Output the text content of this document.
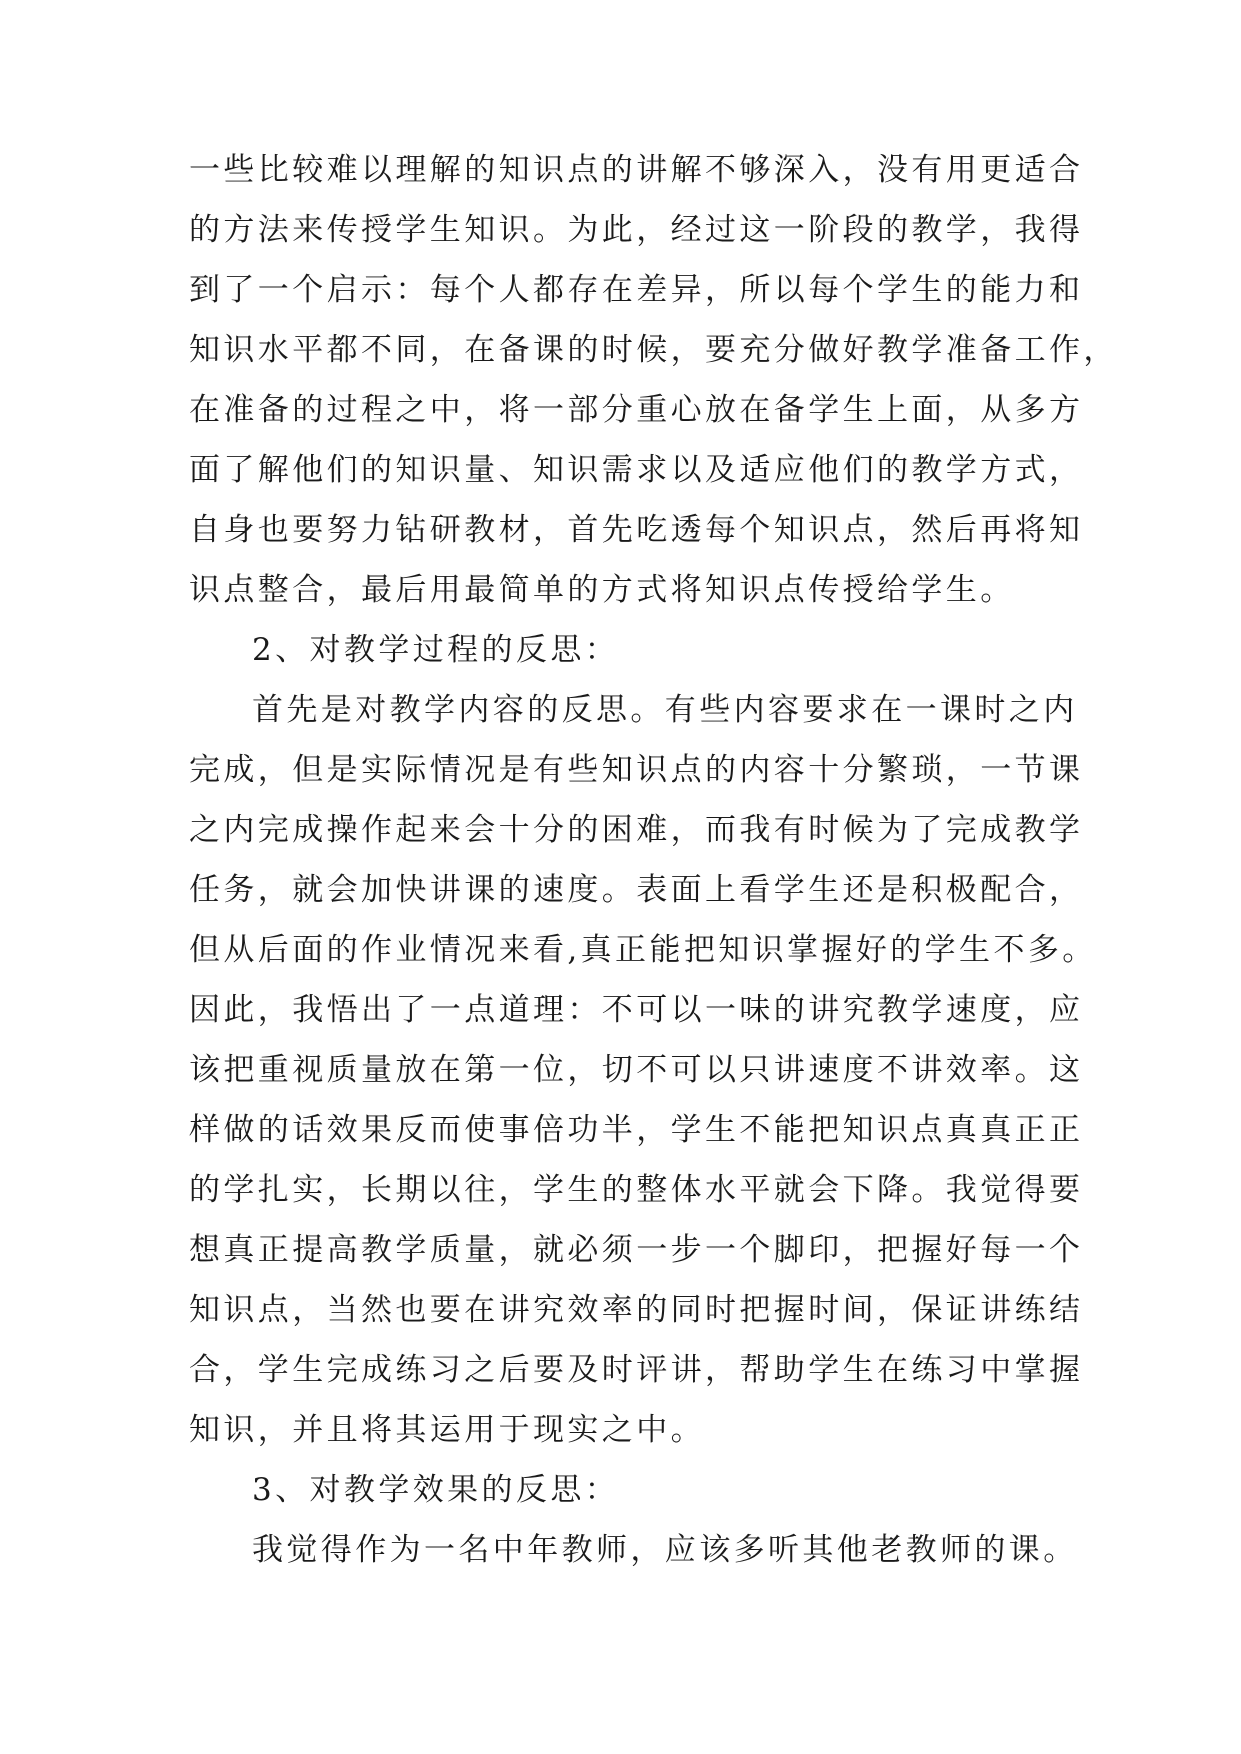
一些比较难以理解的知识点的讲解不够深入，没有用更适合
的方法来传授学生知识。为此，经过这一阶段的教学，我得
到了一个启示：每个人都存在差异，所以每个学生的能力和
知识水平都不同，在备课的时候，要充分做好教学准备工作，
在准备的过程之中，将一部分重心放在备学生上面，从多方
面了解他们的知识量、知识需求以及适应他们的教学方式，
自身也要努力钻研教材，首先吃透每个知识点，然后再将知
识点整合，最后用最简单的方式将知识点传授给学生。
2、对教学过程的反思：
首先是对教学内容的反思。有些内容要求在一课时之内
完成，但是实际情况是有些知识点的内容十分繁琐，一节课
之内完成操作起来会十分的困难，而我有时候为了完成教学
任务，就会加快讲课的速度。表面上看学生还是积极配合，
但从后面的作业情况来看,真正能把知识掌握好的学生不多。
因此，我悟出了一点道理：不可以一味的讲究教学速度，应
该把重视质量放在第一位，切不可以只讲速度不讲效率。这
样做的话效果反而使事倍功半，学生不能把知识点真真正正
的学扎实，长期以往，学生的整体水平就会下降。我觉得要
想真正提高教学质量，就必须一步一个脚印，把握好每一个
知识点，当然也要在讲究效率的同时把握时间，保证讲练结
合，学生完成练习之后要及时评讲，帮助学生在练习中掌握
知识，并且将其运用于现实之中。
3、对教学效果的反思：
我觉得作为一名中年教师，应该多听其他老教师的课。
